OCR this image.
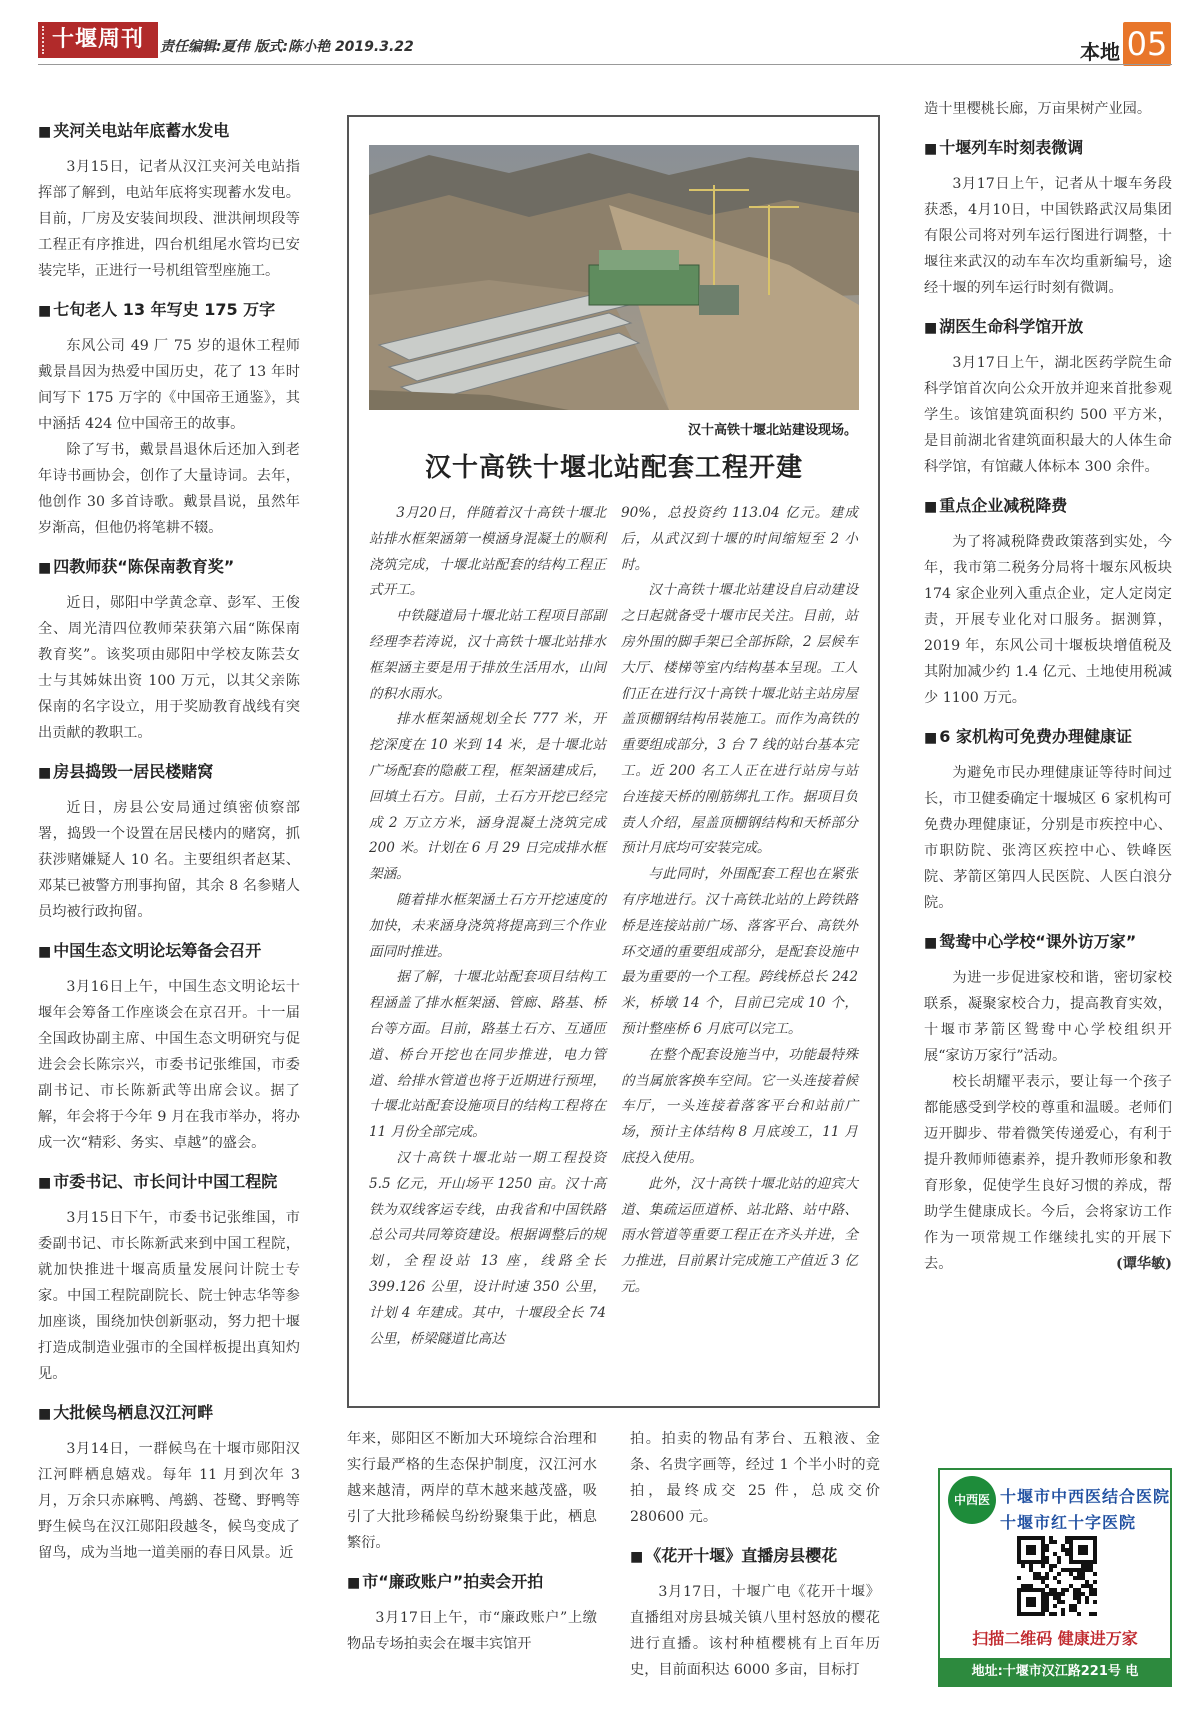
十堰周刊	责任编辑:夏伟 版式:陈小艳 2019.3.22	本地 05
■ 夹河关电站年底蓄水发电

3月15日，记者从汉江夹河关电站指挥部了解到，电站年底将实现蓄水发电。目前，厂房及安装间坝段、泄洪闸坝段等工程正有序推进，四台机组尾水管均已安装完毕，正进行一号机组管型座施工。

■ 七旬老人 13 年写史 175 万字

东风公司 49 厂 75 岁的退休工程师戴景昌因为热爱中国历史，花了 13 年时间写下 175 万字的《中国帝王通鉴》，其中涵括 424 位中国帝王的故事。

除了写书，戴景昌退休后还加入到老年诗书画协会，创作了大量诗词。去年，他创作 30 多首诗歌。戴景昌说，虽然年岁渐高，但他仍将笔耕不辍。

■ 四教师获“陈保南教育奖”

近日，郧阳中学黄念章、彭军、王俊全、周光清四位教师荣获第六届“陈保南教育奖”。该奖项由郧阳中学校友陈芸女士与其姊妹出资 100 万元，以其父亲陈保南的名字设立，用于奖励教育战线有突出贡献的教职工。

■ 房县捣毁一居民楼赌窝

近日，房县公安局通过缜密侦察部署，捣毁一个设置在居民楼内的赌窝，抓获涉赌嫌疑人 10 名。主要组织者赵某、邓某已被警方刑事拘留，其余 8 名参赌人员均被行政拘留。

■ 中国生态文明论坛筹备会召开

3月16日上午，中国生态文明论坛十堰年会筹备工作座谈会在京召开。十一届全国政协副主席、中国生态文明研究与促进会会长陈宗兴，市委书记张维国，市委副书记、市长陈新武等出席会议。据了解，年会将于今年 9 月在我市举办，将办成一次“精彩、务实、卓越”的盛会。

■ 市委书记、市长问计中国工程院

3月15日下午，市委书记张维国，市委副书记、市长陈新武来到中国工程院，就加快推进十堰高质量发展问计院士专家。中国工程院副院长、院士钟志华等参加座谈，围绕加快创新驱动，努力把十堰打造成制造业强市的全国样板提出真知灼见。

■ 大批候鸟栖息汉江河畔

3月14日，一群候鸟在十堰市郧阳汉江河畔栖息嬉戏。每年 11 月到次年 3 月，万余只赤麻鸭、鸬鹚、苍鹭、野鸭等野生候鸟在汉江郧阳段越冬，候鸟变成了留鸟，成为当地一道美丽的春日风景。近

汉十高铁十堰北站建设现场。
汉十高铁十堰北站配套工程开建

3月20日，伴随着汉十高铁十堰北站排水框架涵第一模涵身混凝土的顺利浇筑完成，十堰北站配套的结构工程正式开工。

中铁隧道局十堰北站工程项目部副经理李若涛说，汉十高铁十堰北站排水框架涵主要是用于排放生活用水，山间的积水雨水。

排水框架涵规划全长 777 米，开挖深度在 10 米到 14 米，是十堰北站广场配套的隐蔽工程，框架涵建成后，回填土石方。目前，土石方开挖已经完成 2 万立方米，涵身混凝土浇筑完成 200 米。计划在 6 月 29 日完成排水框架涵。

随着排水框架涵土石方开挖速度的加快，未来涵身浇筑将提高到三个作业面同时推进。

据了解，十堰北站配套项目结构工程涵盖了排水框架涵、管廊、路基、桥台等方面。目前，路基土石方、互通匝道、桥台开挖也在同步推进，电力管道、给排水管道也将于近期进行预埋，十堰北站配套设施项目的结构工程将在 11 月份全部完成。

汉十高铁十堰北站一期工程投资 5.5 亿元，开山场平 1250 亩。汉十高铁为双线客运专线，由我省和中国铁路总公司共同筹资建设。根据调整后的规划，全程设站 13 座，线路全长 399.126 公里，设计时速 350 公里，计划 4 年建成。其中，十堰段全长 74 公里，桥梁隧道比高达

90%，总投资约 113.04 亿元。建成后，从武汉到十堰的时间缩短至 2 小时。

汉十高铁十堰北站建设自启动建设之日起就备受十堰市民关注。目前，站房外围的脚手架已全部拆除，2 层候车大厅、楼梯等室内结构基本呈现。工人们正在进行汉十高铁十堰北站主站房屋盖顶棚钢结构吊装施工。而作为高铁的重要组成部分，3 台 7 线的站台基本完工。近 200 名工人正在进行站房与站台连接天桥的刚筋绑扎工作。据项目负责人介绍，屋盖顶棚钢结构和天桥部分预计月底均可安装完成。

与此同时，外围配套工程也在紧张有序地进行。汉十高铁北站的上跨铁路桥是连接站前广场、落客平台、高铁外环交通的重要组成部分，是配套设施中最为重要的一个工程。跨线桥总长 242 米，桥墩 14 个，目前已完成 10 个，预计整座桥 6 月底可以完工。

在整个配套设施当中，功能最特殊的当属旅客换车空间。它一头连接着候车厅，一头连接着落客平台和站前广场，预计主体结构 8 月底竣工，11 月底投入使用。

此外，汉十高铁十堰北站的迎宾大道、集疏运匝道桥、站北路、站中路、雨水管道等重要工程正在齐头并进，全力推进，目前累计完成施工产值近 3 亿元。

年来，郧阳区不断加大环境综合治理和实行最严格的生态保护制度，汉江河水越来越清，两岸的草木越来越茂盛，吸引了大批珍稀候鸟纷纷聚集于此，栖息繁衍。

■ 市“廉政账户”拍卖会开拍

3月17日上午，市“廉政账户”上缴物品专场拍卖会在堰丰宾馆开

拍。拍卖的物品有茅台、五粮液、金条、名贵字画等，经过 1 个半小时的竞拍，最终成交 25 件，总成交价 280600 元。

■ 《花开十堰》直播房县樱花

3月17日，十堰广电《花开十堰》直播组对房县城关镇八里村怒放的樱花进行直播。该村种植樱桃有上百年历史，目前面积达 6000 多亩，目标打

造十里樱桃长廊，万亩果树产业园。

■ 十堰列车时刻表微调

3月17日上午，记者从十堰车务段获悉，4月10日，中国铁路武汉局集团有限公司将对列车运行图进行调整，十堰往来武汉的动车车次均重新编号，途经十堰的列车运行时刻有微调。

■ 湖医生命科学馆开放

3月17日上午，湖北医药学院生命科学馆首次向公众开放并迎来首批参观学生。该馆建筑面积约 500 平方米，是目前湖北省建筑面积最大的人体生命科学馆，有馆藏人体标本 300 余件。

■ 重点企业减税降费

为了将减税降费政策落到实处，今年，我市第二税务分局将十堰东风板块 174 家企业列入重点企业，定人定岗定责，开展专业化对口服务。据测算，2019 年，东风公司十堰板块增值税及其附加减少约 1.4 亿元、土地使用税减少 1100 万元。

■ 6 家机构可免费办理健康证

为避免市民办理健康证等待时间过长，市卫健委确定十堰城区 6 家机构可免费办理健康证，分别是市疾控中心、市职防院、张湾区疾控中心、铁峰医院、茅箭区第四人民医院、人医白浪分院。

■ 鸳鸯中心学校“课外访万家”

为进一步促进家校和谐，密切家校联系，凝聚家校合力，提高教育实效，十堰市茅箭区鸳鸯中心学校组织开展“家访万家行”活动。

校长胡耀平表示，要让每一个孩子都能感受到学校的尊重和温暖。老师们迈开脚步、带着微笑传递爱心，有利于提升教师师德素养，提升教师形象和教育形象，促使学生良好习惯的养成，帮助学生健康成长。今后，会将家访工作作为一项常规工作继续扎实的开展下去。	(谭华敏)

中西医 十堰市中西医结合医院
十堰市红十字医院
扫描二维码 健康进万家
地址:十堰市汉江路221号 电话:8615000
